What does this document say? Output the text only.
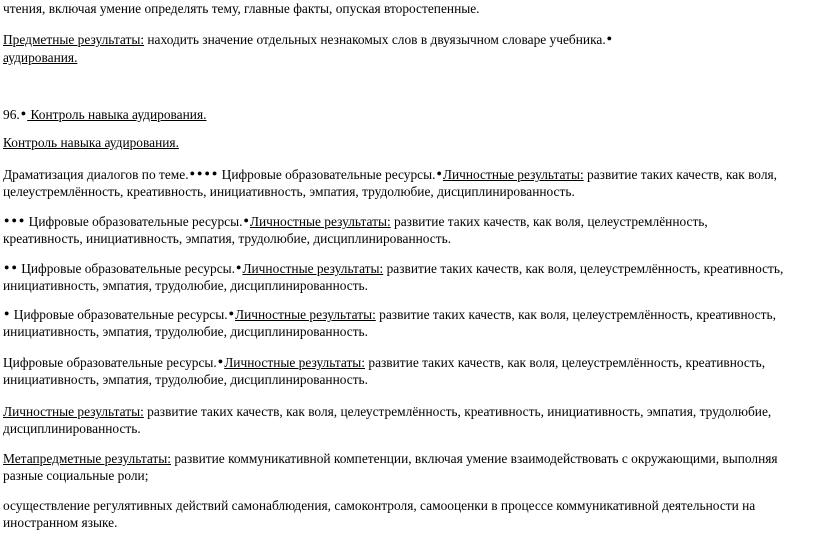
чтения, включая умение определять тему, главные факты, опуская второстепенные.
Предметные результаты: находить значение отдельных незнакомых слов в двуязычном словаре учебника.●
аудирования.
96.● Контроль навыка аудирования.
Контроль навыка аудирования.
Драматизация диалогов по теме.● ● ● ● Цифровые образовательные ресурсы.●Личностные результаты: развитие таких качеств, как воля,
целеустремлённость, креативность, инициативность, эмпатия, трудолюбие, дисциплинированность.
● ● ● Цифровые образовательные ресурсы.●Личностные результаты: развитие таких качеств, как воля, целеустремлённость,
креативность, инициативность, эмпатия, трудолюбие, дисциплинированность.
● ● Цифровые образовательные ресурсы.●Личностные результаты: развитие таких качеств, как воля, целеустремлённость, креативность,
инициативность, эмпатия, трудолюбие, дисциплинированность.
● Цифровые образовательные ресурсы.●Личностные результаты: развитие таких качеств, как воля, целеустремлённость, креативность,
инициативность, эмпатия, трудолюбие, дисциплинированность.
Цифровые образовательные ресурсы.●Личностные результаты: развитие таких качеств, как воля, целеустремлённость, креативность,
инициативность, эмпатия, трудолюбие, дисциплинированность.
Личностные результаты: развитие таких качеств, как воля, целеустремлённость, креативность, инициативность, эмпатия, трудолюбие,
дисциплинированность.
Метапредметные результаты: развитие коммуникативной компетенции, включая умение взаимодействовать с окружающими, выполняя
разные социальные роли;
осуществление регулятивных действий самонаблюдения, самоконтроля, самооценки в процессе коммуникативной деятельности на
иностранном языке.
